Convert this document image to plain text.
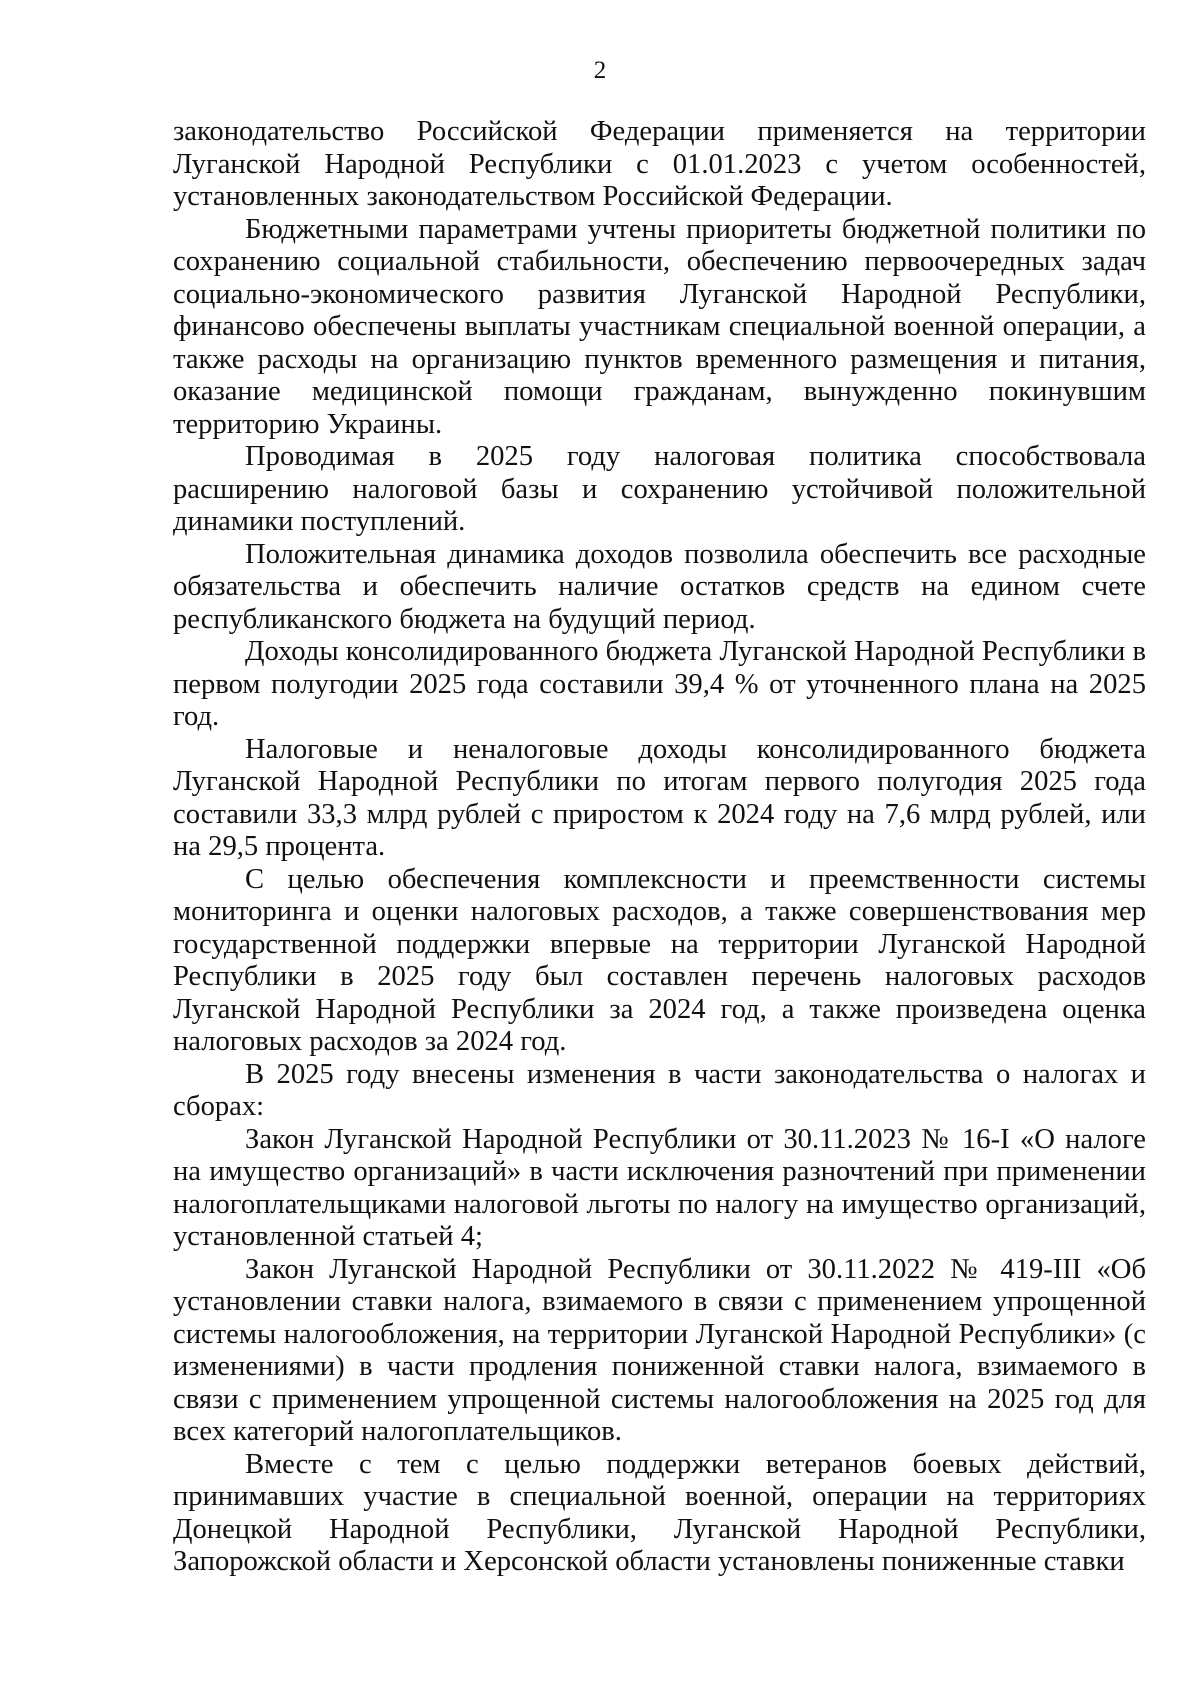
2

законодательство Российской Федерации применяется на территории Луганской Народной Республики с 01.01.2023 с учетом особенностей, установленных законодательством Российской Федерации.

Бюджетными параметрами учтены приоритеты бюджетной политики по сохранению социальной стабильности, обеспечению первоочередных задач социально-экономического развития Луганской Народной Республики, финансово обеспечены выплаты участникам специальной военной операции, а также расходы на организацию пунктов временного размещения и питания, оказание медицинской помощи гражданам, вынужденно покинувшим территорию Украины.

Проводимая в 2025 году налоговая политика способствовала расширению налоговой базы и сохранению устойчивой положительной динамики поступлений.

Положительная динамика доходов позволила обеспечить все расходные обязательства и обеспечить наличие остатков средств на едином счете республиканского бюджета на будущий период.

Доходы консолидированного бюджета Луганской Народной Республики в первом полугодии 2025 года составили 39,4 % от уточненного плана на 2025 год.

Налоговые и неналоговые доходы консолидированного бюджета Луганской Народной Республики по итогам первого полугодия 2025 года составили 33,3 млрд рублей с приростом к 2024 году на 7,6 млрд рублей, или на 29,5 процента.

С целью обеспечения комплексности и преемственности системы мониторинга и оценки налоговых расходов, а также совершенствования мер государственной поддержки впервые на территории Луганской Народной Республики в 2025 году был составлен перечень налоговых расходов Луганской Народной Республики за 2024 год, а также произведена оценка налоговых расходов за 2024 год.

В 2025 году внесены изменения в части законодательства о налогах и сборах:

Закон Луганской Народной Республики от 30.11.2023 № 16-I «О налоге на имущество организаций» в части исключения разночтений при применении налогоплательщиками налоговой льготы по налогу на имущество организаций, установленной статьей 4;

Закон Луганской Народной Республики от 30.11.2022 № 419-III «Об установлении ставки налога, взимаемого в связи с применением упрощенной системы налогообложения, на территории Луганской Народной Республики» (с изменениями) в части продления пониженной ставки налога, взимаемого в связи с применением упрощенной системы налогообложения на 2025 год для всех категорий налогоплательщиков.

Вместе с тем с целью поддержки ветеранов боевых действий, принимавших участие в специальной военной, операции на территориях Донецкой Народной Республики, Луганской Народной Республики, Запорожской области и Херсонской области установлены пониженные ставки
